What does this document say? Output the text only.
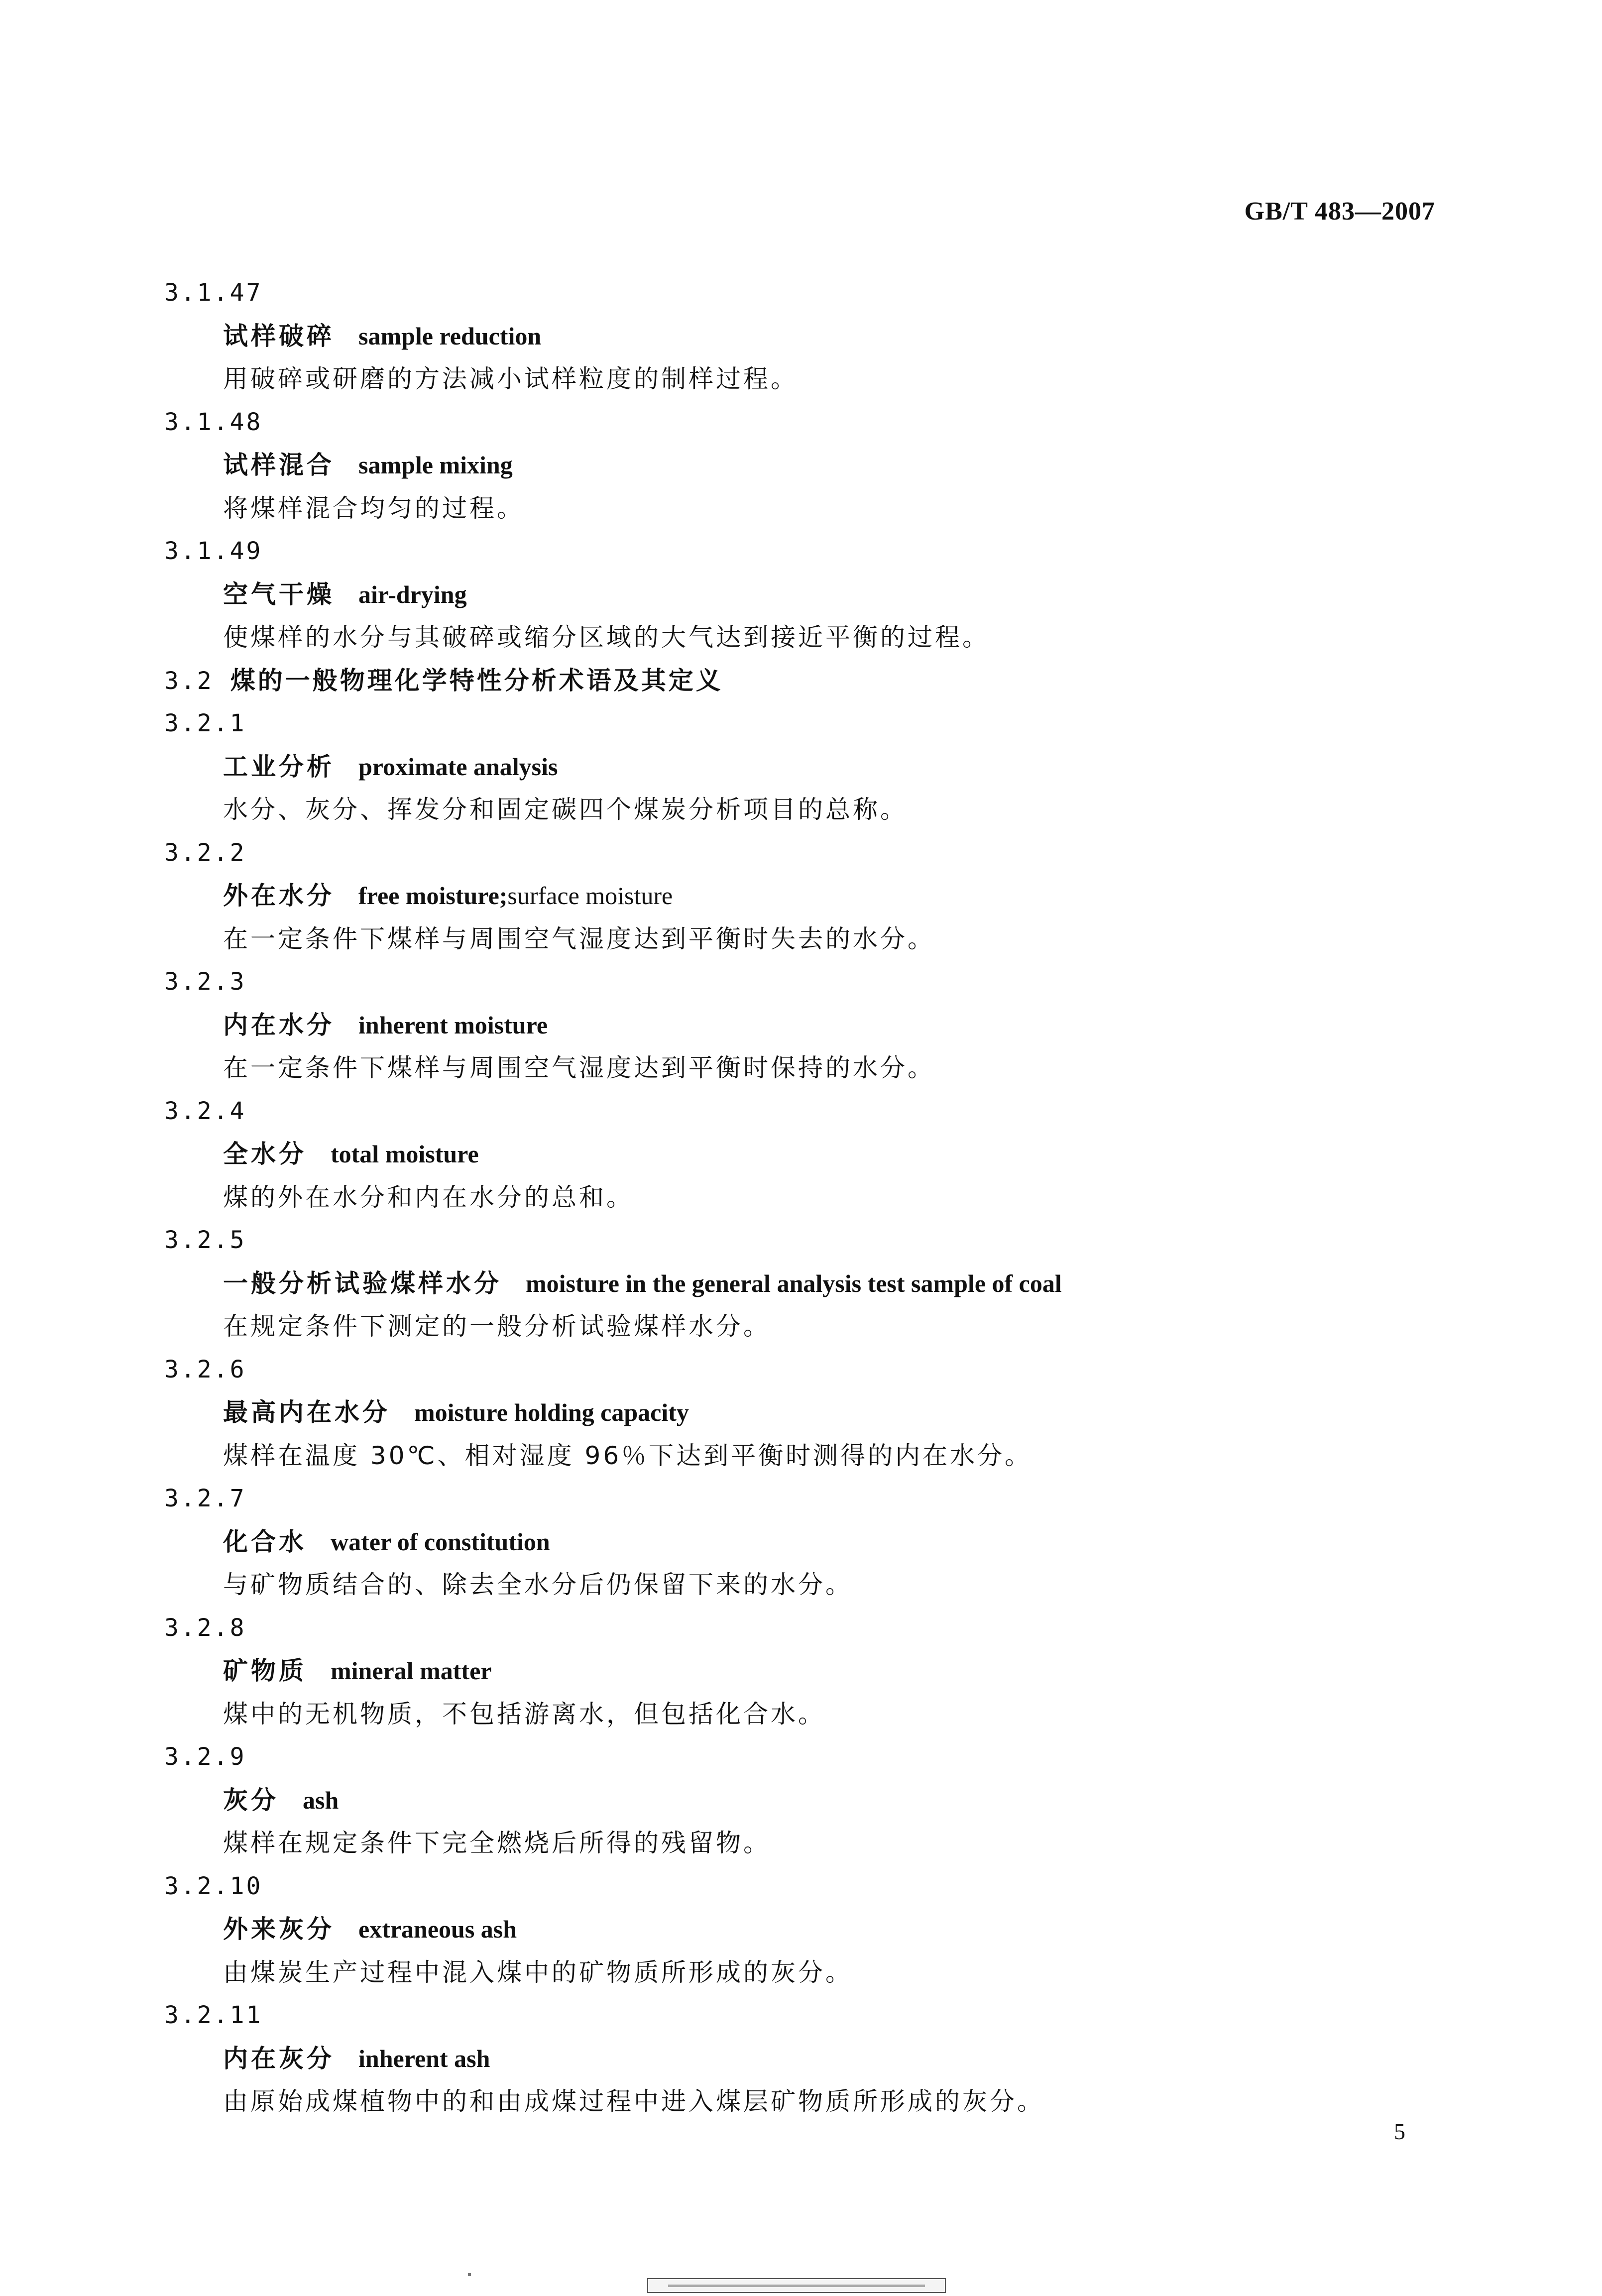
GB/T 483—2007
3.1.47
试样破碎 sample reduction
用破碎或研磨的方法减小试样粒度的制样过程。
3.1.48
试样混合 sample mixing
将煤样混合均匀的过程。
3.1.49
空气干燥 air-drying
使煤样的水分与其破碎或缩分区域的大气达到接近平衡的过程。
3.2 煤的一般物理化学特性分析术语及其定义
3.2.1
工业分析 proximate analysis
水分、灰分、挥发分和固定碳四个煤炭分析项目的总称。
3.2.2
外在水分 free moisture;surface moisture
在一定条件下煤样与周围空气湿度达到平衡时失去的水分。
3.2.3
内在水分 inherent moisture
在一定条件下煤样与周围空气湿度达到平衡时保持的水分。
3.2.4
全水分 total moisture
煤的外在水分和内在水分的总和。
3.2.5
一般分析试验煤样水分 moisture in the general analysis test sample of coal
在规定条件下测定的一般分析试验煤样水分。
3.2.6
最高内在水分 moisture holding capacity
煤样在温度 30℃、相对湿度 96％下达到平衡时测得的内在水分。
3.2.7
化合水 water of constitution
与矿物质结合的、除去全水分后仍保留下来的水分。
3.2.8
矿物质 mineral matter
煤中的无机物质，不包括游离水，但包括化合水。
3.2.9
灰分 ash
煤样在规定条件下完全燃烧后所得的残留物。
3.2.10
外来灰分 extraneous ash
由煤炭生产过程中混入煤中的矿物质所形成的灰分。
3.2.11
内在灰分 inherent ash
由原始成煤植物中的和由成煤过程中进入煤层矿物质所形成的灰分。
5
